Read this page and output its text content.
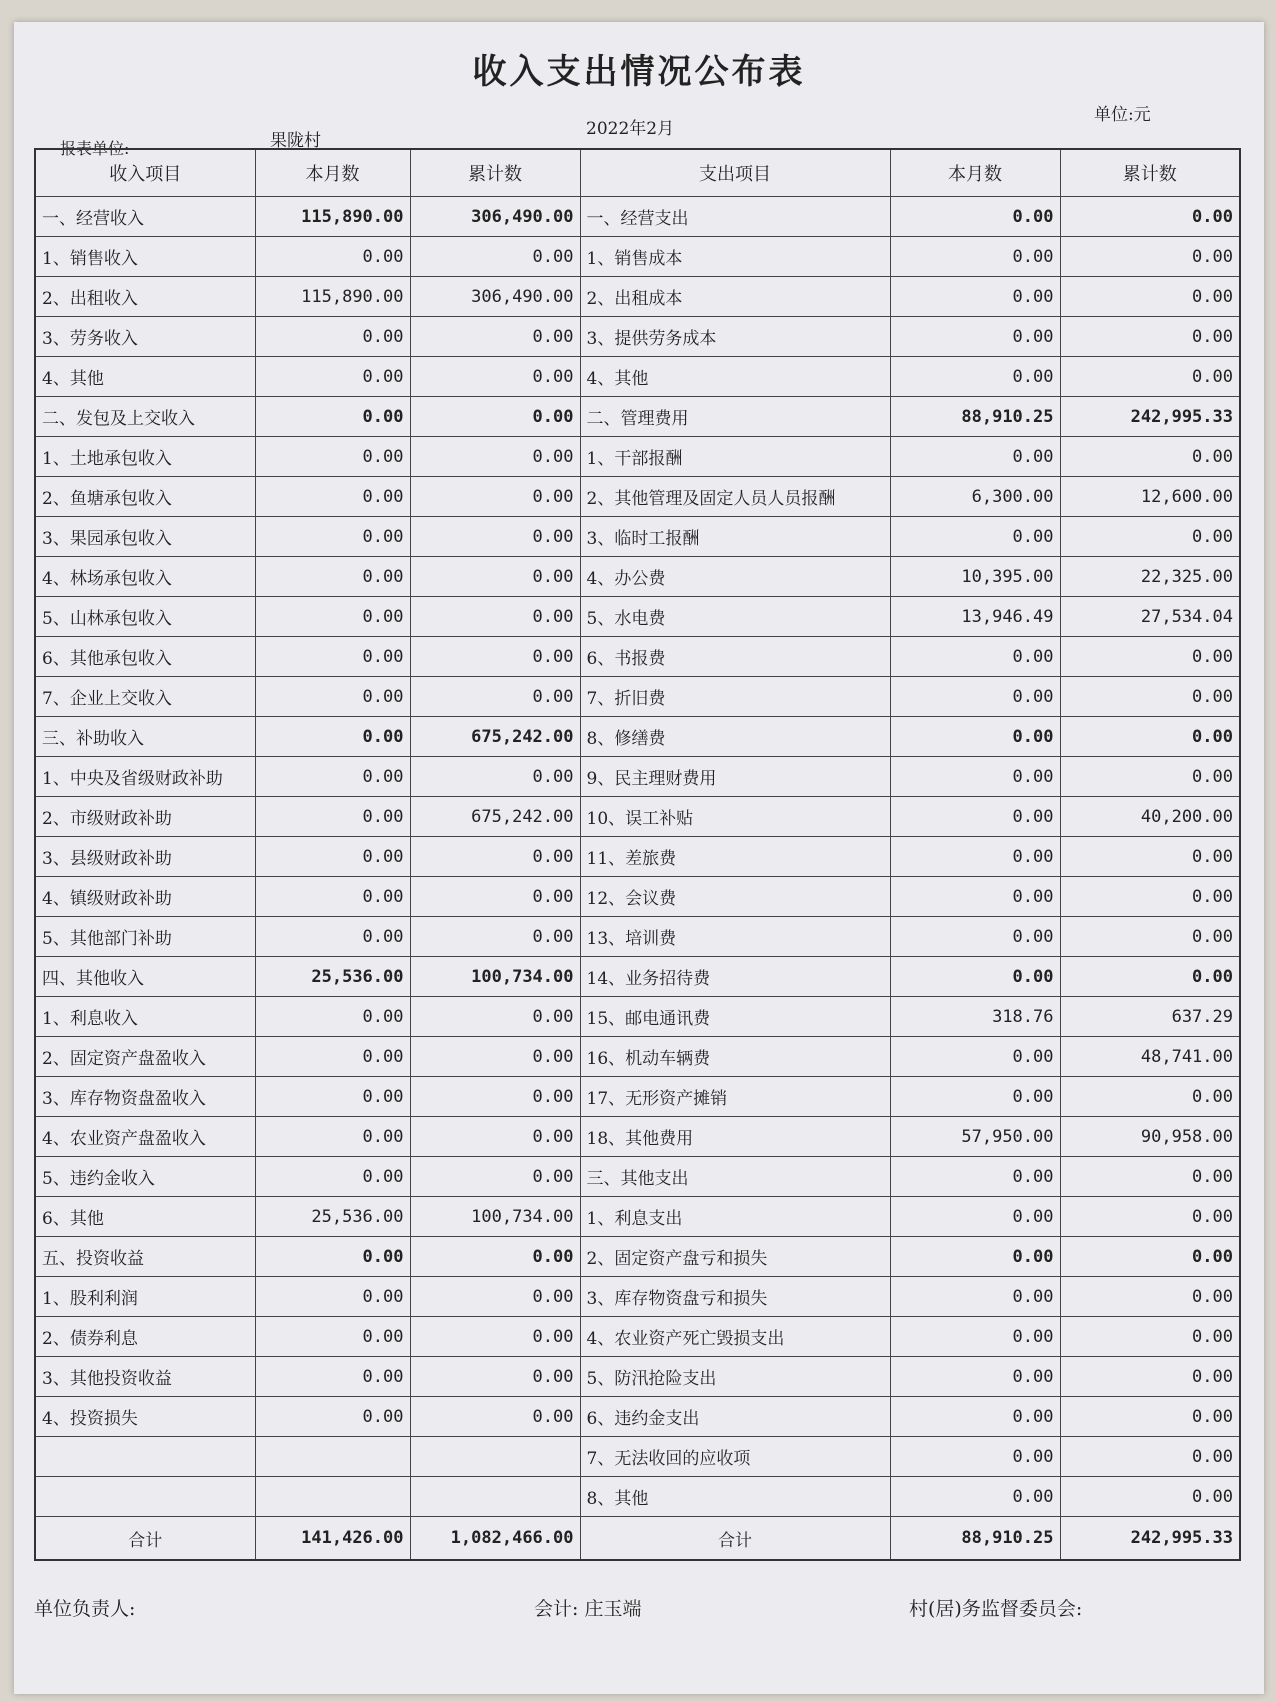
收入支出情况公布表
单位:元
报表单位:	果陇村
2022年2月
收入项目	本月数	累计数	支出项目	本月数	累计数
一、经营收入	115,890.00	306,490.00	一、经营支出	0.00	0.00
1、销售收入	0.00	0.00	1、销售成本	0.00	0.00
2、出租收入	115,890.00	306,490.00	2、出租成本	0.00	0.00
3、劳务收入	0.00	0.00	3、提供劳务成本	0.00	0.00
4、其他	0.00	0.00	4、其他	0.00	0.00
二、发包及上交收入	0.00	0.00	二、管理费用	88,910.25	242,995.33
1、土地承包收入	0.00	0.00	1、干部报酬	0.00	0.00
2、鱼塘承包收入	0.00	0.00	2、其他管理及固定人员人员报酬	6,300.00	12,600.00
3、果园承包收入	0.00	0.00	3、临时工报酬	0.00	0.00
4、林场承包收入	0.00	0.00	4、办公费	10,395.00	22,325.00
5、山林承包收入	0.00	0.00	5、水电费	13,946.49	27,534.04
6、其他承包收入	0.00	0.00	6、书报费	0.00	0.00
7、企业上交收入	0.00	0.00	7、折旧费	0.00	0.00
三、补助收入	0.00	675,242.00	8、修缮费	0.00	0.00
1、中央及省级财政补助	0.00	0.00	9、民主理财费用	0.00	0.00
2、市级财政补助	0.00	675,242.00	10、误工补贴	0.00	40,200.00
3、县级财政补助	0.00	0.00	11、差旅费	0.00	0.00
4、镇级财政补助	0.00	0.00	12、会议费	0.00	0.00
5、其他部门补助	0.00	0.00	13、培训费	0.00	0.00
四、其他收入	25,536.00	100,734.00	14、业务招待费	0.00	0.00
1、利息收入	0.00	0.00	15、邮电通讯费	318.76	637.29
2、固定资产盘盈收入	0.00	0.00	16、机动车辆费	0.00	48,741.00
3、库存物资盘盈收入	0.00	0.00	17、无形资产摊销	0.00	0.00
4、农业资产盘盈收入	0.00	0.00	18、其他费用	57,950.00	90,958.00
5、违约金收入	0.00	0.00	三、其他支出	0.00	0.00
6、其他	25,536.00	100,734.00	1、利息支出	0.00	0.00
五、投资收益	0.00	0.00	2、固定资产盘亏和损失	0.00	0.00
1、股利利润	0.00	0.00	3、库存物资盘亏和损失	0.00	0.00
2、债券利息	0.00	0.00	4、农业资产死亡毁损支出	0.00	0.00
3、其他投资收益	0.00	0.00	5、防汛抢险支出	0.00	0.00
4、投资损失	0.00	0.00	6、违约金支出	0.00	0.00
			7、无法收回的应收项	0.00	0.00
			8、其他	0.00	0.00
合计	141,426.00	1,082,466.00	合计	88,910.25	242,995.33
单位负责人:	会计: 庄玉端	村(居)务监督委员会:
